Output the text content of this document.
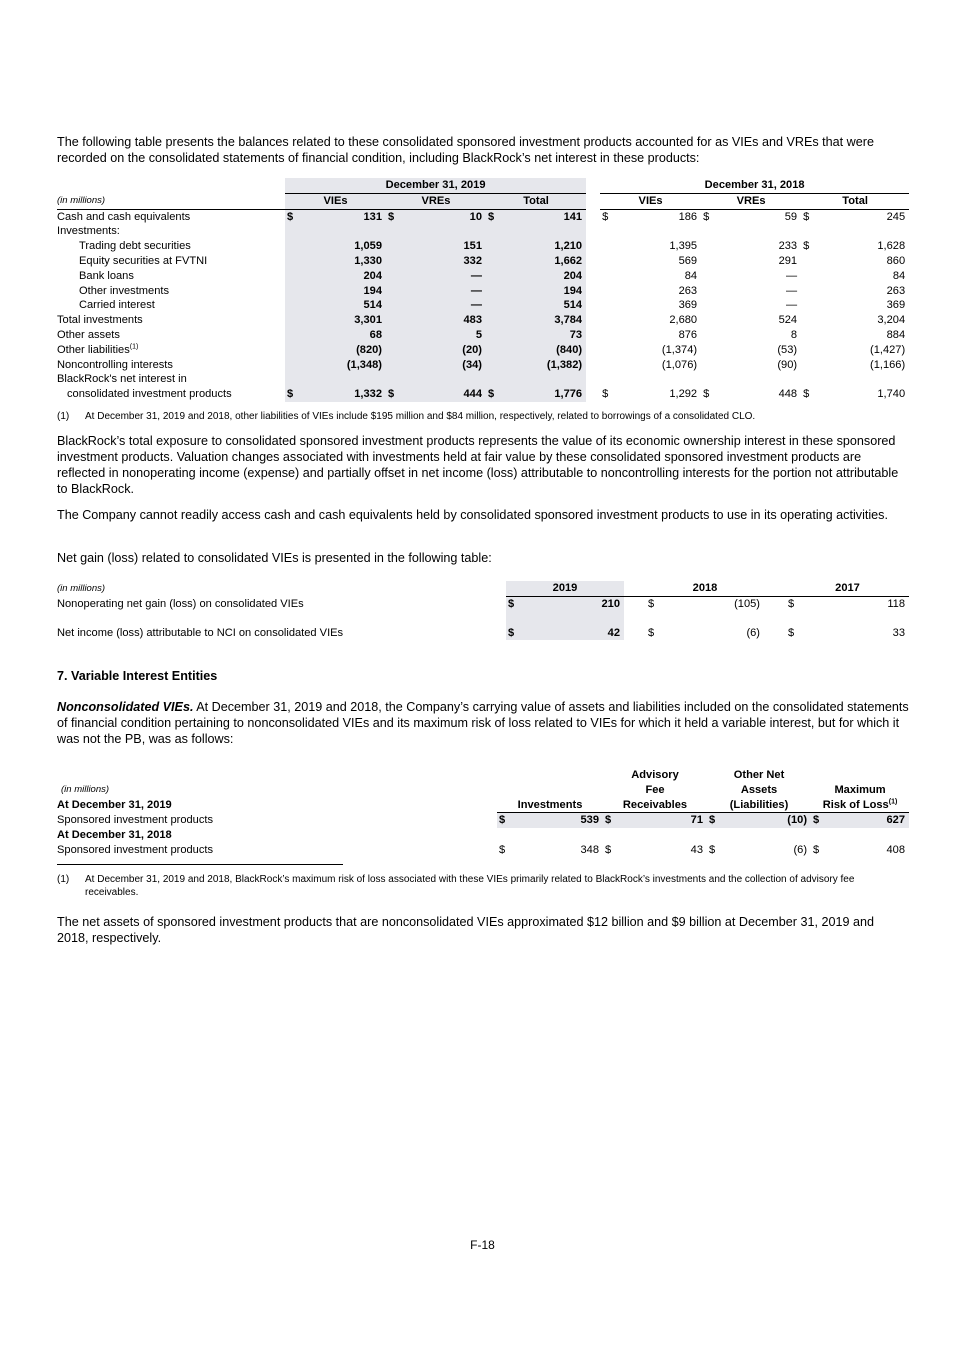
The following table presents the balances related to these consolidated sponsored investment products accounted for as VIEs and VREs that were recorded on the consolidated statements of financial condition, including BlackRock’s net interest in these products:
	December 31, 2019							December 31, 2018					
(in millions)	VIEs		VREs		Total			VIEs		VREs		Total	
Cash and cash equivalents	$	131	$	10	$	141		$	186	$	59	$	245
Investments:													
Trading debt securities		1,059		151		1,210			1,395		233	$	1,628
Equity securities at FVTNI		1,330		332		1,662			569		291		860
Bank loans		204		—		204			84		—		84
Other investments		194		—		194			263		—		263
Carried interest		514		—		514			369		—		369
Total investments		3,301		483		3,784			2,680		524		3,204
Other assets		68		5		73			876		8		884
Other liabilities$^{(1)}$		(820)		(20)		(840)			(1,374)		(53)		(1,427)
Noncontrolling interests		(1,348)		(34)		(1,382)			(1,076)		(90)		(1,166)
BlackRock's net interest in													
consolidated investment products	$	1,332	$	444	$	1,776		$	1,292	$	448	$	1,740
(1) At December 31, 2019 and 2018, other liabilities of VIEs include $195 million and $84 million, respectively, related to borrowings of a consolidated CLO.
BlackRock’s total exposure to consolidated sponsored investment products represents the value of its economic ownership interest in these sponsored investment products. Valuation changes associated with investments held at fair value by these consolidated sponsored investment products are reflected in nonoperating income (expense) and partially offset in net income (loss) attributable to noncontrolling interests for the portion not attributable to BlackRock.
The Company cannot readily access cash and cash equivalents held by consolidated sponsored investment products to use in its operating activities.
Net gain (loss) related to consolidated VIEs is presented in the following table:
(in millions)	2019			2018			2017	
Nonoperating net gain (loss) on consolidated VIEs	$	210		$	(105)		$	118

Net income (loss) attributable to NCI on consolidated VIEs	$	42		$	(6)		$	33
7. Variable Interest Entities
Nonconsolidated VIEs. At December 31, 2019 and 2018, the Company’s carrying value of assets and liabilities included on the consolidated statements of financial condition pertaining to nonconsolidated VIEs and its maximum risk of loss related to VIEs for which it held a variable interest, but for which it was not the PB, was as follows:
			Advisory		Other Net			
(in millions)			Fee		Assets		Maximum	
At December 31, 2019	Investments		Receivables		(Liabilities)		Risk of Loss$^{(1)}$
Sponsored investment products	$	539	$	71	$	(10)	$	627
At December 31, 2018								
Sponsored investment products	$	348	$	43	$	(6)	$	408
(1) At December 31, 2019 and 2018, BlackRock’s maximum risk of loss associated with these VIEs primarily related to BlackRock’s investments and the collection of advisory fee receivables.
The net assets of sponsored investment products that are nonconsolidated VIEs approximated $12 billion and $9 billion at December 31, 2019 and 2018, respectively.
F-18
